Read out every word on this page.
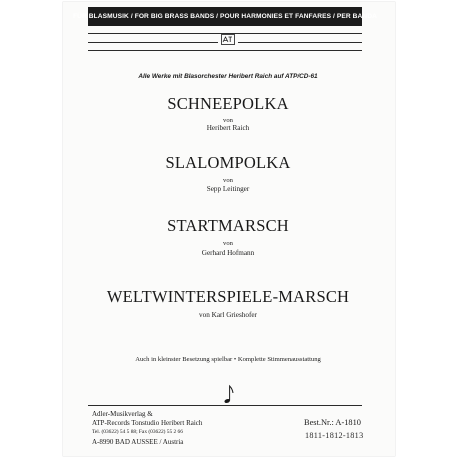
FÜR BLASMUSIK / FOR BIG BRASS BANDS / POUR HARMONIES ET FANFARES / PER BANDA
Alle Werke mit Blasorchester Heribert Raich auf ATP/CD-61
SCHNEEPOLKA
von
Heribert Raich
SLALOMPOLKA
von
Sepp Leitinger
STARTMARSCH
von
Gerhard Hofmann
WELTWINTERSPIELE-MARSCH
von Karl Grieshofer
Auch in kleinster Besetzung spielbar • Komplette Stimmenausstattung
Adler-Musikverlag &
ATP-Records Tonstudio Heribert Raich
Tel. (03622) 54 5 88; Fax (03622) 55 2 66
A-8990 BAD AUSSEE / Austria
Best.Nr.: A-1810
1811-1812-1813
